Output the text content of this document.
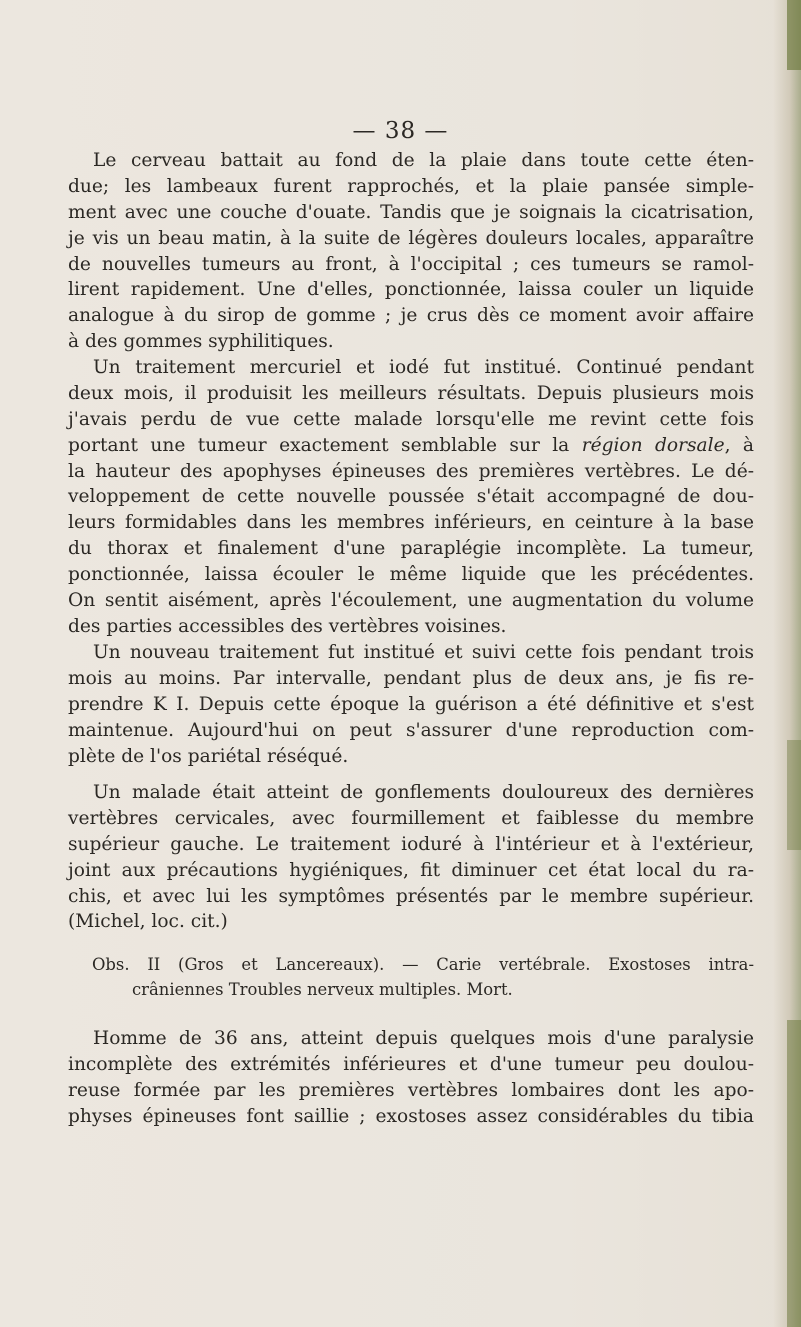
— 38 —
Le cerveau battait au fond de la plaie dans toute cette éten-
due; les lambeaux furent rapprochés, et la plaie pansée simple-
ment avec une couche d'ouate. Tandis que je soignais la cicatrisation,
je vis un beau matin, à la suite de légères douleurs locales, apparaître
de nouvelles tumeurs au front, à l'occipital ; ces tumeurs se ramol-
lirent rapidement. Une d'elles, ponctionnée, laissa couler un liquide
analogue à du sirop de gomme ; je crus dès ce moment avoir affaire
à des gommes syphilitiques.
Un traitement mercuriel et iodé fut institué. Continué pendant
deux mois, il produisit les meilleurs résultats. Depuis plusieurs mois
j'avais perdu de vue cette malade lorsqu'elle me revint cette fois
portant une tumeur exactement semblable sur la région dorsale, à
la hauteur des apophyses épineuses des premières vertèbres. Le dé-
veloppement de cette nouvelle poussée s'était accompagné de dou-
leurs formidables dans les membres inférieurs, en ceinture à la base
du thorax et finalement d'une paraplégie incomplète. La tumeur,
ponctionnée, laissa écouler le même liquide que les précédentes.
On sentit aisément, après l'écoulement, une augmentation du volume
des parties accessibles des vertèbres voisines.
Un nouveau traitement fut institué et suivi cette fois pendant trois
mois au moins. Par intervalle, pendant plus de deux ans, je fis re-
prendre K I. Depuis cette époque la guérison a été définitive et s'est
maintenue. Aujourd'hui on peut s'assurer d'une reproduction com-
plète de l'os pariétal réséqué.
Un malade était atteint de gonflements douloureux des dernières
vertèbres cervicales, avec fourmillement et faiblesse du membre
supérieur gauche. Le traitement ioduré à l'intérieur et à l'extérieur,
joint aux précautions hygiéniques, fit diminuer cet état local du ra-
chis, et avec lui les symptômes présentés par le membre supérieur.
(Michel, loc. cit.)
Obs. II (Gros et Lancereaux). — Carie vertébrale. Exostoses intra-
crâniennes Troubles nerveux multiples. Mort.
Homme de 36 ans, atteint depuis quelques mois d'une paralysie
incomplète des extrémités inférieures et d'une tumeur peu doulou-
reuse formée par les premières vertèbres lombaires dont les apo-
physes épineuses font saillie ; exostoses assez considérables du tibia
